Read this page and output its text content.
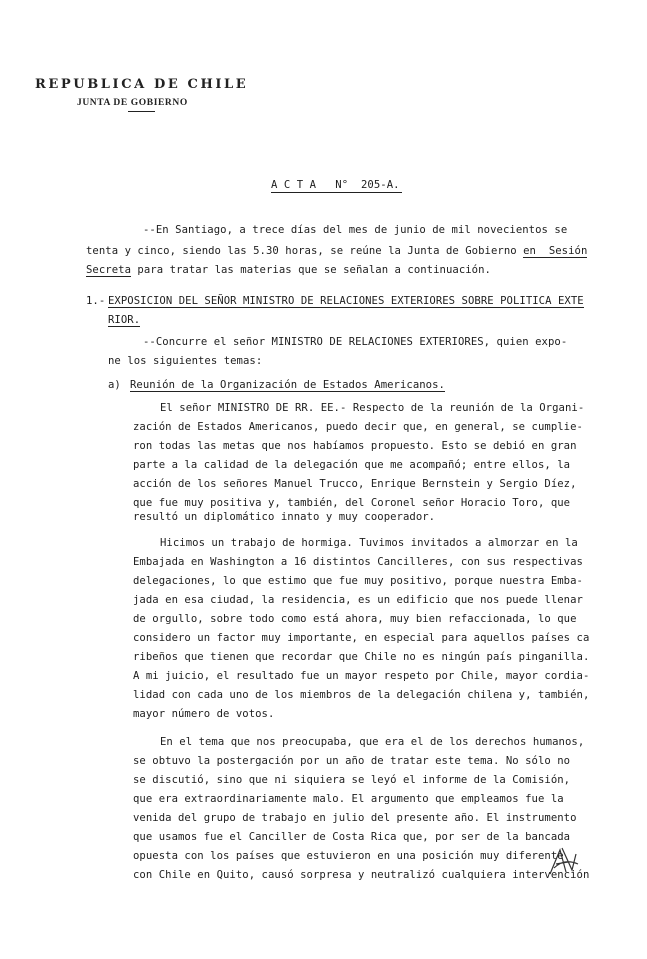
REPUBLICA DE CHILE
JUNTA DE GOBIERNO
A C T A   N°  205-A.
--En Santiago, a trece días del mes de junio de mil novecientos se
tenta y cinco, siendo las 5.30 horas, se reúne la Junta de Gobierno en  Sesión
Secreta para tratar las materias que se señalan a continuación.
1.- EXPOSICION DEL SEÑOR MINISTRO DE RELACIONES EXTERIORES SOBRE POLITICA EXTE
RIOR.
--Concurre el señor MINISTRO DE RELACIONES EXTERIORES, quien expo-
ne los siguientes temas:
a) Reunión de la Organización de Estados Americanos.
El señor MINISTRO DE RR. EE.- Respecto de la reunión de la Organi-
zación de Estados Americanos, puedo decir que, en general, se cumplie-
ron todas las metas que nos habíamos propuesto. Esto se debió en gran
parte a la calidad de la delegación que me acompañó; entre ellos, la
acción de los señores Manuel Trucco, Enrique Bernstein y Sergio Díez,
que fue muy positiva y, también, del Coronel señor Horacio Toro, que
resultó un diplomático innato y muy cooperador.
Hicimos un trabajo de hormiga. Tuvimos invitados a almorzar en la
Embajada en Washington a 16 distintos Cancilleres, con sus respectivas
delegaciones, lo que estimo que fue muy positivo, porque nuestra Emba-
jada en esa ciudad, la residencia, es un edificio que nos puede llenar
de orgullo, sobre todo como está ahora, muy bien refaccionada, lo que
considero un factor muy importante, en especial para aquellos países ca
ribeños que tienen que recordar que Chile no es ningún país pinganilla.
A mi juicio, el resultado fue un mayor respeto por Chile, mayor cordia-
lidad con cada uno de los miembros de la delegación chilena y, también,
mayor número de votos.
En el tema que nos preocupaba, que era el de los derechos humanos,
se obtuvo la postergación por un año de tratar este tema. No sólo no
se discutió, sino que ni siquiera se leyó el informe de la Comisión,
que era extraordinariamente malo. El argumento que empleamos fue la
venida del grupo de trabajo en julio del presente año. El instrumento
que usamos fue el Canciller de Costa Rica que, por ser de la bancada
opuesta con los países que estuvieron en una posición muy diferente
con Chile en Quito, causó sorpresa y neutralizó cualquiera intervención
